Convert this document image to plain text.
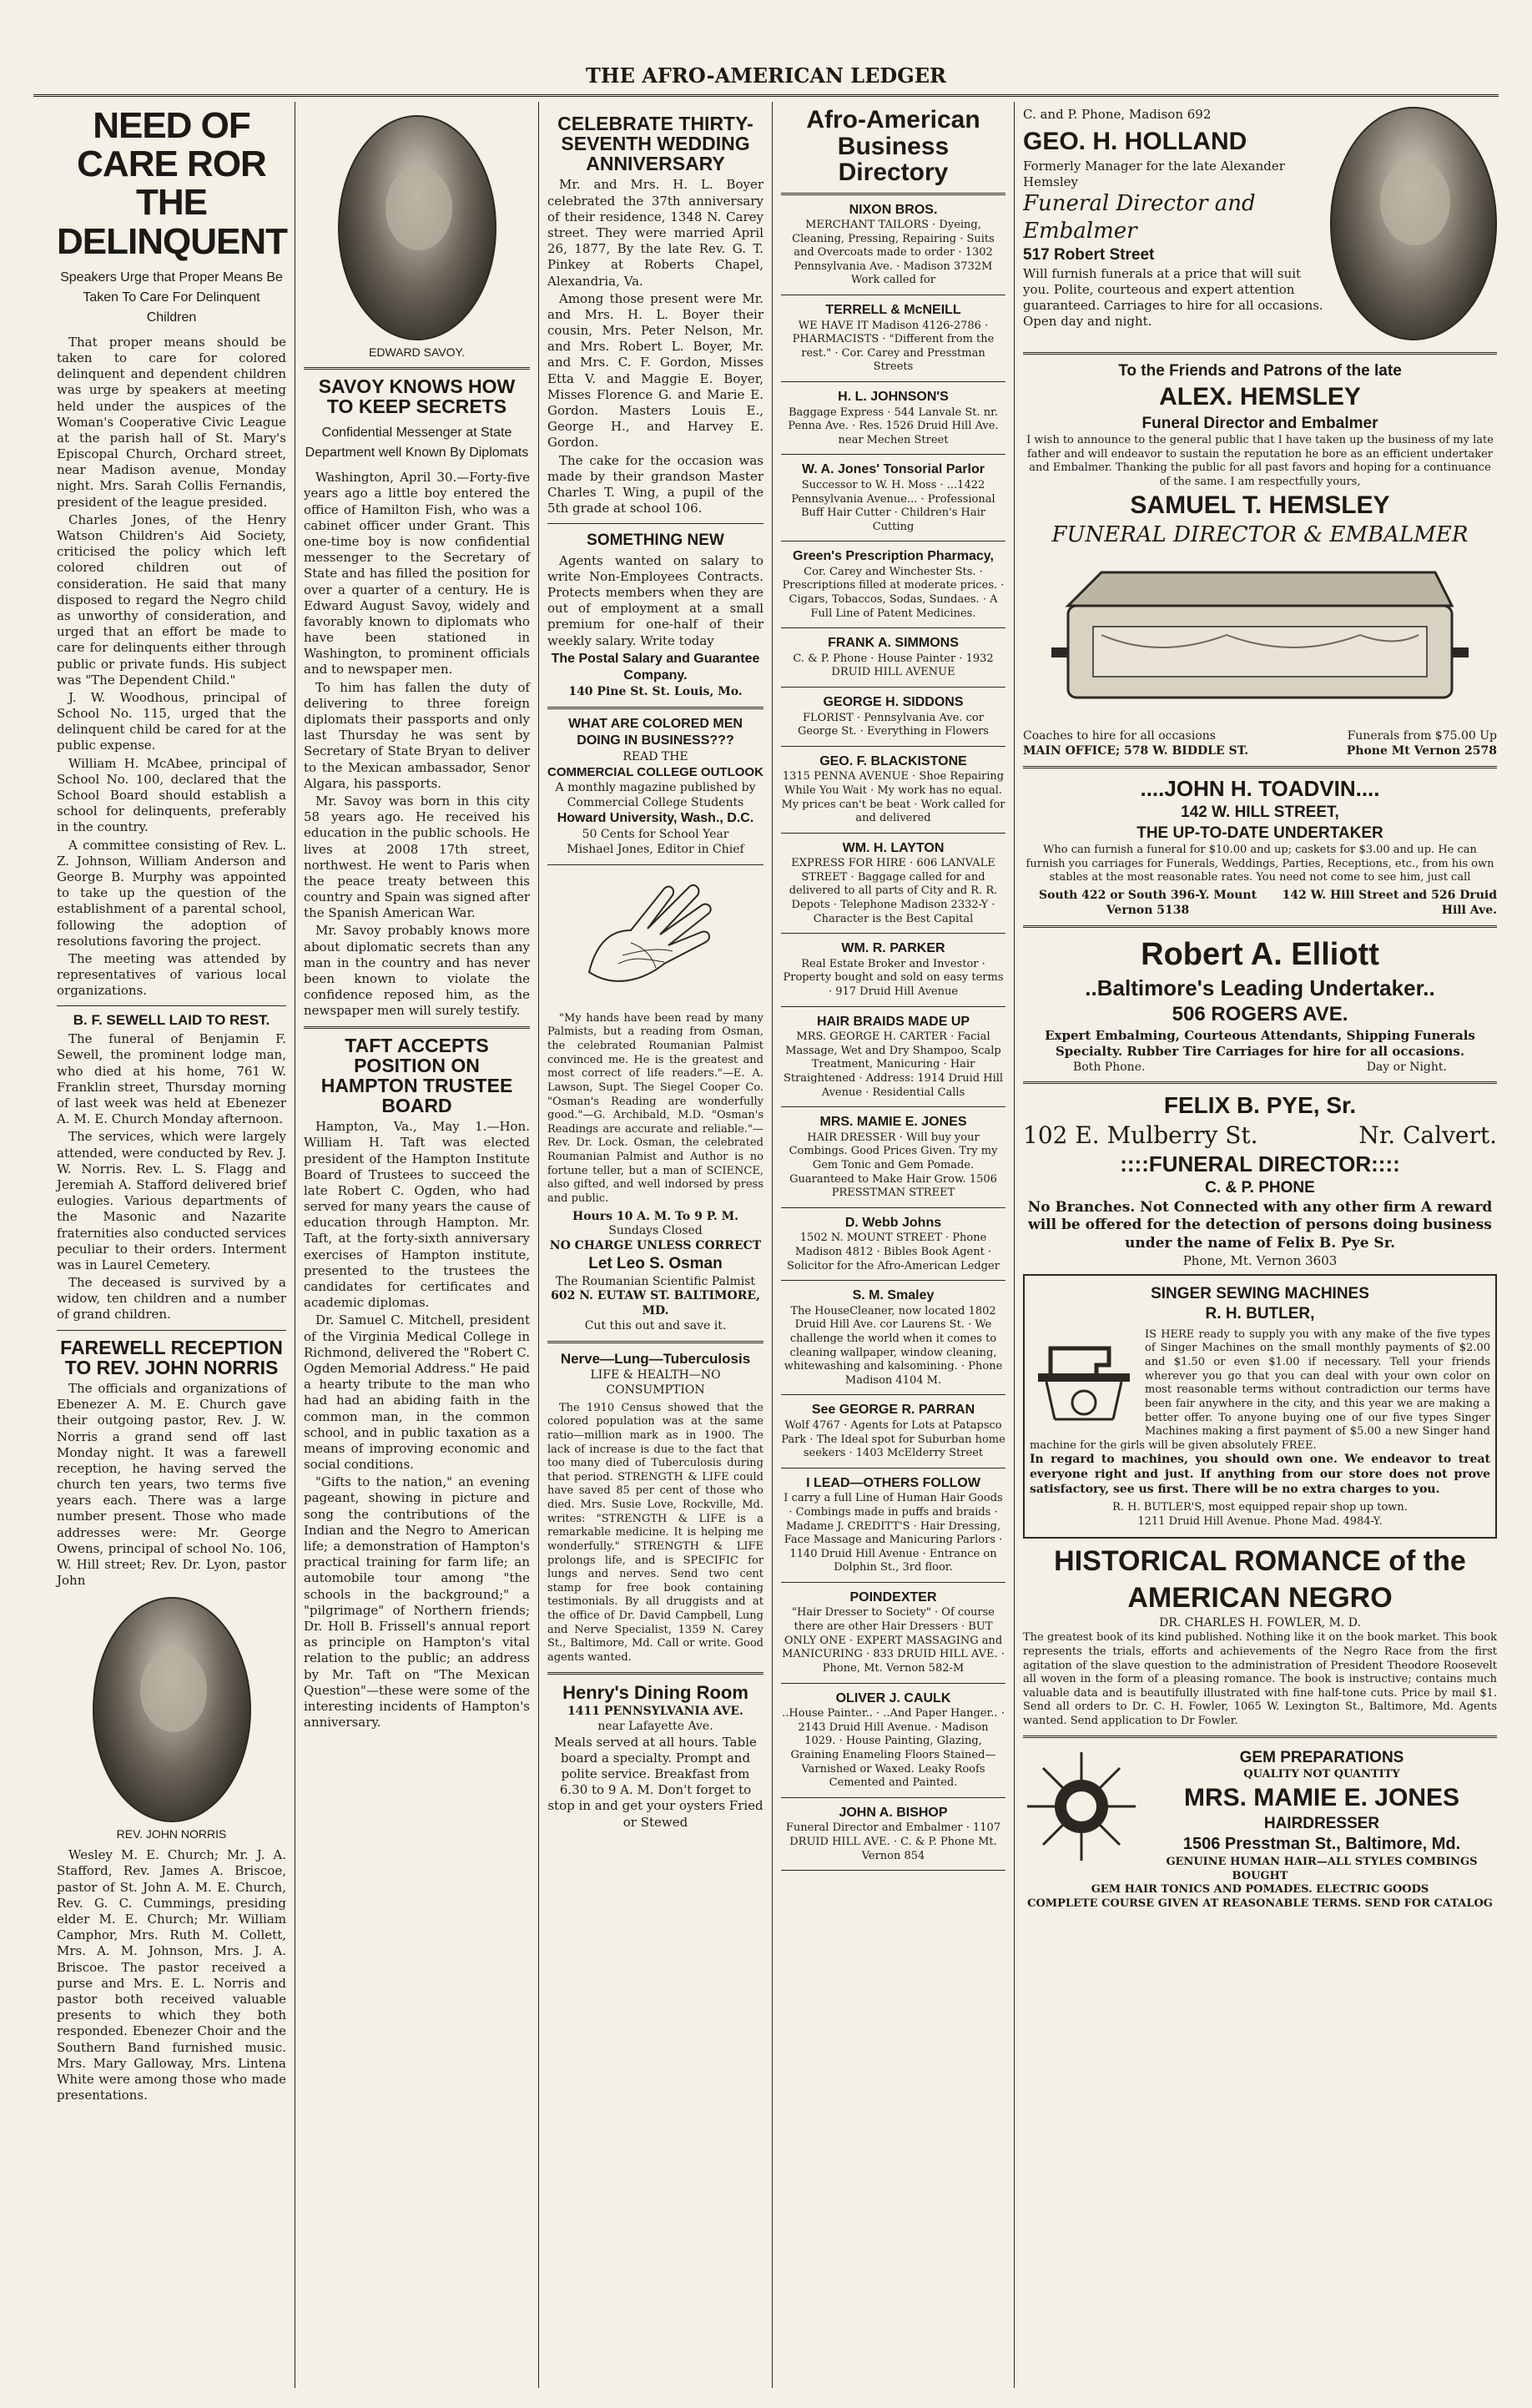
THE AFRO-AMERICAN LEDGER
NEED OF CARE ROR THE DELINQUENT
Speakers Urge that Proper Means Be Taken To Care For Delinquent Children

That proper means should be taken to care for colored delinquent and dependent children was urge by speakers at meeting held under the auspices of the Woman's Cooperative Civic League at the parish hall of St. Mary's Episcopal Church, Orchard street, near Madison avenue, Monday night. Mrs. Sarah Collis Fernandis, president of the league presided.

Charles Jones, of the Henry Watson Children's Aid Society, criticised the policy which left colored children out of consideration. He said that many disposed to regard the Negro child as unworthy of consideration, and urged that an effort be made to care for delinquents either through public or private funds. His subject was "The Dependent Child."

J. W. Woodhous, principal of School No. 115, urged that the delinquent child be cared for at the public expense.

William H. McAbee, principal of School No. 100, declared that the School Board should establish a school for delinquents, preferably in the country.

A committee consisting of Rev. L. Z. Johnson, William Anderson and George B. Murphy was appointed to take up the question of the establishment of a parental school, following the adoption of resolutions favoring the project.

The meeting was attended by representatives of various local organizations.

B. F. SEWELL LAID TO REST.

The funeral of Benjamin F. Sewell, the prominent lodge man, who died at his home, 761 W. Franklin street, Thursday morning of last week was held at Ebenezer A. M. E. Church Monday afternoon.

The services, which were largely attended, were conducted by Rev. J. W. Norris. Rev. L. S. Flagg and Jeremiah A. Stafford delivered brief eulogies. Various departments of the Masonic and Nazarite fraternities also conducted services peculiar to their orders. Interment was in Laurel Cemetery.

The deceased is survived by a widow, ten children and a number of grand children.

FAREWELL RECEPTION TO REV. JOHN NORRIS

The officials and organizations of Ebenezer A. M. E. Church gave their outgoing pastor, Rev. J. W. Norris a grand send off last Monday night. It was a farewell reception, he having served the church ten years, two terms five years each. There was a large number present. Those who made addresses were: Mr. George Owens, principal of school No. 106, W. Hill street; Rev. Dr. Lyon, pastor John

REV. JOHN NORRIS

Wesley M. E. Church; Mr. J. A. Stafford, Rev. James A. Briscoe, pastor of St. John A. M. E. Church, Rev. G. C. Cummings, presiding elder M. E. Church; Mr. William Camphor, Mrs. Ruth M. Collett, Mrs. A. M. Johnson, Mrs. J. A. Briscoe. The pastor received a purse and Mrs. E. L. Norris and pastor both received valuable presents to which they both responded. Ebenezer Choir and the Southern Band furnished music. Mrs. Mary Galloway, Mrs. Lintena White were among those who made presentations.

EDWARD SAVOY.
SAVOY KNOWS HOW TO KEEP SECRETS
Confidential Messenger at State Department well Known By Diplomats

Washington, April 30.—Forty-five years ago a little boy entered the office of Hamilton Fish, who was a cabinet officer under Grant. This one-time boy is now confidential messenger to the Secretary of State and has filled the position for over a quarter of a century. He is Edward August Savoy, widely and favorably known to diplomats who have been stationed in Washington, to prominent officials and to newspaper men.

To him has fallen the duty of delivering to three foreign diplomats their passports and only last Thursday he was sent by Secretary of State Bryan to deliver to the Mexican ambassador, Senor Algara, his passports.

Mr. Savoy was born in this city 58 years ago. He received his education in the public schools. He lives at 2008 17th street, northwest. He went to Paris when the peace treaty between this country and Spain was signed after the Spanish American War.

Mr. Savoy probably knows more about diplomatic secrets than any man in the country and has never been known to violate the confidence reposed him, as the newspaper men will surely testify.

TAFT ACCEPTS POSITION ON HAMPTON TRUSTEE BOARD

Hampton, Va., May 1.—Hon. William H. Taft was elected president of the Hampton Institute Board of Trustees to succeed the late Robert C. Ogden, who had served for many years the cause of education through Hampton. Mr. Taft, at the forty-sixth anniversary exercises of Hampton institute, presented to the trustees the candidates for certificates and academic diplomas.

Dr. Samuel C. Mitchell, president of the Virginia Medical College in Richmond, delivered the "Robert C. Ogden Memorial Address." He paid a hearty tribute to the man who had had an abiding faith in the common man, in the common school, and in public taxation as a means of improving economic and social conditions.

"Gifts to the nation," an evening pageant, showing in picture and song the contributions of the Indian and the Negro to American life; a demonstration of Hampton's practical training for farm life; an automobile tour among "the schools in the background;" a "pilgrimage" of Northern friends; Dr. Holl B. Frissell's annual report as principle on Hampton's vital relation to the public; an address by Mr. Taft on "The Mexican Question"—these were some of the interesting incidents of Hampton's anniversary.

CELEBRATE THIRTY-SEVENTH WEDDING ANNIVERSARY

Mr. and Mrs. H. L. Boyer celebrated the 37th anniversary of their residence, 1348 N. Carey street. They were married April 26, 1877, By the late Rev. G. T. Pinkey at Roberts Chapel, Alexandria, Va.

Among those present were Mr. and Mrs. H. L. Boyer their cousin, Mrs. Peter Nelson, Mr. and Mrs. Robert L. Boyer, Mr. and Mrs. C. F. Gordon, Misses Etta V. and Maggie E. Boyer, Misses Florence G. and Marie E. Gordon. Masters Louis E., George H., and Harvey E. Gordon.

The cake for the occasion was made by their grandson Master Charles T. Wing, a pupil of the 5th grade at school 106.

SOMETHING NEW

Agents wanted on salary to write Non-Employees Contracts. Protects members when they are out of employment at a small premium for one-half of their weekly salary. Write today

The Postal Salary and Guarantee Company.
140 Pine St. St. Louis, Mo.
WHAT ARE COLORED MEN DOING IN BUSINESS???
READ THE
COMMERCIAL COLLEGE OUTLOOK
A monthly magazine published by Commercial College Students
Howard University, Wash., D.C.
50 Cents for School Year
Mishael Jones, Editor in Chief

"My hands have been read by many Palmists, but a reading from Osman, the celebrated Roumanian Palmist convinced me. He is the greatest and most correct of life readers."—E. A. Lawson, Supt. The Siegel Cooper Co. "Osman's Reading are wonderfully good."—G. Archibald, M.D. "Osman's Readings are accurate and reliable."—Rev. Dr. Lock. Osman, the celebrated Roumanian Palmist and Author is no fortune teller, but a man of SCIENCE, also gifted, and well indorsed by press and public.

Hours 10 A. M. To 9 P. M.
Sundays Closed
NO CHARGE UNLESS CORRECT
Let Leo S. Osman
The Roumanian Scientific Palmist
602 N. EUTAW ST. BALTIMORE, MD.
Cut this out and save it.
Nerve—Lung—Tuberculosis
LIFE & HEALTH—NO CONSUMPTION

The 1910 Census showed that the colored population was at the same ratio—million mark as in 1900. The lack of increase is due to the fact that too many died of Tuberculosis during that period. STRENGTH & LIFE could have saved 85 per cent of those who died. Mrs. Susie Love, Rockville, Md. writes: "STRENGTH & LIFE is a remarkable medicine. It is helping me wonderfully." STRENGTH & LIFE prolongs life, and is SPECIFIC for lungs and nerves. Send two cent stamp for free book containing testimonials. By all druggists and at the office of Dr. David Campbell, Lung and Nerve Specialist, 1359 N. Carey St., Baltimore, Md. Call or write. Good agents wanted.

Henry's Dining Room
1411 PENNSYLVANIA AVE.
near Lafayette Ave.
Meals served at all hours. Table board a specialty. Prompt and polite service. Breakfast from 6.30 to 9 A. M. Don't forget to stop in and get your oysters Fried or Stewed
Afro-American Business Directory
NIXON BROS.
MERCHANT TAILORS · Dyeing, Cleaning, Pressing, Repairing · Suits and Overcoats made to order · 1302 Pennsylvania Ave. · Madison 3732M Work called for
TERRELL & McNEILL
WE HAVE IT Madison 4126-2786 · PHARMACISTS · "Different from the rest." · Cor. Carey and Presstman Streets
H. L. JOHNSON'S
Baggage Express · 544 Lanvale St. nr. Penna Ave. · Res. 1526 Druid Hill Ave. near Mechen Street
W. A. Jones' Tonsorial Parlor
Successor to W. H. Moss · ...1422 Pennsylvania Avenue... · Professional Buff Hair Cutter · Children's Hair Cutting
Green's Prescription Pharmacy,
Cor. Carey and Winchester Sts. · Prescriptions filled at moderate prices. · Cigars, Tobaccos, Sodas, Sundaes. · A Full Line of Patent Medicines.
FRANK A. SIMMONS
C. & P. Phone · House Painter · 1932 DRUID HILL AVENUE
GEORGE H. SIDDONS
FLORIST · Pennsylvania Ave. cor George St. · Everything in Flowers
GEO. F. BLACKISTONE
1315 PENNA AVENUE · Shoe Repairing While You Wait · My work has no equal. My prices can't be beat · Work called for and delivered
WM. H. LAYTON
EXPRESS FOR HIRE · 606 LANVALE STREET · Baggage called for and delivered to all parts of City and R. R. Depots · Telephone Madison 2332-Y · Character is the Best Capital
WM. R. PARKER
Real Estate Broker and Investor · Property bought and sold on easy terms · 917 Druid Hill Avenue
HAIR BRAIDS MADE UP
MRS. GEORGE H. CARTER · Facial Massage, Wet and Dry Shampoo, Scalp Treatment, Manicuring · Hair Straightened · Address: 1914 Druid Hill Avenue · Residential Calls
MRS. MAMIE E. JONES
HAIR DRESSER · Will buy your Combings. Good Prices Given. Try my Gem Tonic and Gem Pomade. Guaranteed to Make Hair Grow. 1506 PRESSTMAN STREET
D. Webb Johns
1502 N. MOUNT STREET · Phone Madison 4812 · Bibles Book Agent · Solicitor for the Afro-American Ledger
S. M. Smaley
The HouseCleaner, now located 1802 Druid Hill Ave. cor Laurens St. · We challenge the world when it comes to cleaning wallpaper, window cleaning, whitewashing and kalsomining. · Phone Madison 4104 M.
See GEORGE R. PARRAN
Wolf 4767 · Agents for Lots at Patapsco Park · The Ideal spot for Suburban home seekers · 1403 McElderry Street
I LEAD—OTHERS FOLLOW
I carry a full Line of Human Hair Goods · Combings made in puffs and braids · Madame J. CREDITT'S · Hair Dressing, Face Massage and Manicuring Parlors · 1140 Druid Hill Avenue · Entrance on Dolphin St., 3rd floor.
POINDEXTER
"Hair Dresser to Society" · Of course there are other Hair Dressers · BUT ONLY ONE · EXPERT MASSAGING and MANICURING · 833 DRUID HILL AVE. · Phone, Mt. Vernon 582-M
OLIVER J. CAULK
..House Painter.. · ..And Paper Hanger.. · 2143 Druid Hill Avenue. · Madison 1029. · House Painting, Glazing, Graining Enameling Floors Stained—Varnished or Waxed. Leaky Roofs Cemented and Painted.
JOHN A. BISHOP
Funeral Director and Embalmer · 1107 DRUID HILL AVE. · C. & P. Phone Mt. Vernon 854
C. and P. Phone, Madison 692
GEO. H. HOLLAND
Formerly Manager for the late Alexander Hemsley
Funeral Director and Embalmer
517 Robert Street
Will furnish funerals at a price that will suit you. Polite, courteous and expert attention guaranteed. Carriages to hire for all occasions. Open day and night.
To the Friends and Patrons of the late
ALEX. HEMSLEY
Funeral Director and Embalmer
I wish to announce to the general public that I have taken up the business of my late father and will endeavor to sustain the reputation he bore as an efficient undertaker and Embalmer. Thanking the public for all past favors and hoping for a continuance of the same. I am respectfully yours,
SAMUEL T. HEMSLEY
FUNERAL DIRECTOR & EMBALMER
Coaches to hire for all occasions
MAIN OFFICE; 578 W. BIDDLE ST.
Funerals from $75.00 Up
Phone Mt Vernon 2578
....JOHN H. TOADVIN....
142 W. HILL STREET,
THE UP-TO-DATE UNDERTAKER
Who can furnish a funeral for $10.00 and up; caskets for $3.00 and up. He can furnish you carriages for Funerals, Weddings, Parties, Receptions, etc., from his own stables at the most reasonable rates. You need not come to see him, just call
South 422 or South 396-Y. Mount Vernon 5138
142 W. Hill Street and 526 Druid Hill Ave.
Robert A. Elliott
..Baltimore's Leading Undertaker..
506 ROGERS AVE.
Expert Embalming, Courteous Attendants, Shipping Funerals Specialty. Rubber Tire Carriages for hire for all occasions.
Both Phone.	Day or Night.
FELIX B. PYE, Sr.
102 E. Mulberry St.	Nr. Calvert.
::::FUNERAL DIRECTOR::::
C. & P. PHONE
No Branches. Not Connected with any other firm A reward will be offered for the detection of persons doing business under the name of Felix B. Pye Sr.
Phone, Mt. Vernon 3603
SINGER SEWING MACHINES
R. H. BUTLER,
IS HERE ready to supply you with any make of the five types of Singer Machines on the small monthly payments of $2.00 and $1.50 or even $1.00 if necessary. Tell your friends wherever you go that you can deal with your own color on most reasonable terms without contradiction our terms have been fair anywhere in the city, and this year we are making a better offer. To anyone buying one of our five types Singer Machines making a first payment of $5.00 a new Singer hand machine for the girls will be given absolutely FREE.
In regard to machines, you should own one. We endeavor to treat everyone right and just. If anything from our store does not prove satisfactory, see us first. There will be no extra charges to you.
R. H. BUTLER'S, most equipped repair shop up town.
1211 Druid Hill Avenue. Phone Mad. 4984-Y.
HISTORICAL ROMANCE of the AMERICAN NEGRO
DR. CHARLES H. FOWLER, M. D.
The greatest book of its kind published. Nothing like it on the book market. This book represents the trials, efforts and achievements of the Negro Race from the first agitation of the slave question to the administration of President Theodore Roosevelt all woven in the form of a pleasing romance. The book is instructive; contains much valuable data and is beautifully illustrated with fine half-tone cuts. Price by mail $1. Send all orders to Dr. C. H. Fowler, 1065 W. Lexington St., Baltimore, Md. Agents wanted. Send application to Dr Fowler.
GEM PREPARATIONS
QUALITY NOT QUANTITY
MRS. MAMIE E. JONES
HAIRDRESSER
1506 Presstman St., Baltimore, Md.
GENUINE HUMAN HAIR—ALL STYLES COMBINGS BOUGHT
GEM HAIR TONICS AND POMADES. ELECTRIC GOODS
COMPLETE COURSE GIVEN AT REASONABLE TERMS. SEND FOR CATALOG
